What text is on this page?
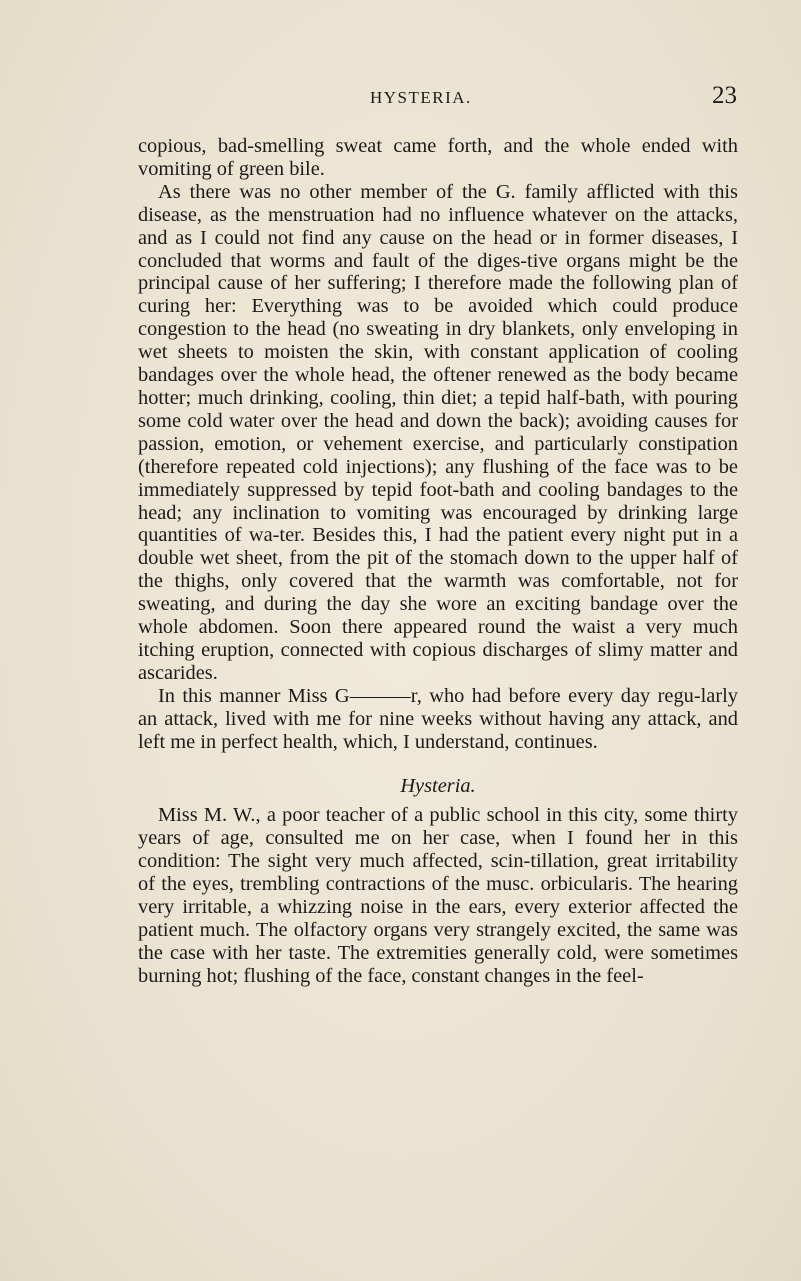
HYSTERIA.	23

copious, bad-smelling sweat came forth, and the whole ended with vomiting of green bile.

As there was no other member of the G. family afflicted with this disease, as the menstruation had no influence whatever on the attacks, and as I could not find any cause on the head or in former diseases, I concluded that worms and fault of the diges-tive organs might be the principal cause of her suffering; I therefore made the following plan of curing her: Everything was to be avoided which could produce congestion to the head (no sweating in dry blankets, only enveloping in wet sheets to moisten the skin, with constant application of cooling bandages over the whole head, the oftener renewed as the body became hotter; much drinking, cooling, thin diet; a tepid half-bath, with pouring some cold water over the head and down the back); avoiding causes for passion, emotion, or vehement exercise, and particularly constipation (therefore repeated cold injections); any flushing of the face was to be immediately suppressed by tepid foot-bath and cooling bandages to the head; any inclination to vomiting was encouraged by drinking large quantities of wa-ter. Besides this, I had the patient every night put in a double wet sheet, from the pit of the stomach down to the upper half of the thighs, only covered that the warmth was comfortable, not for sweating, and during the day she wore an exciting bandage over the whole abdomen. Soon there appeared round the waist a very much itching eruption, connected with copious discharges of slimy matter and ascarides.

In this manner Miss G———r, who had before every day regu-larly an attack, lived with me for nine weeks without having any attack, and left me in perfect health, which, I understand, continues.

Hysteria.

Miss M. W., a poor teacher of a public school in this city, some thirty years of age, consulted me on her case, when I found her in this condition: The sight very much affected, scin-tillation, great irritability of the eyes, trembling contractions of the musc. orbicularis. The hearing very irritable, a whizzing noise in the ears, every exterior affected the patient much. The olfactory organs very strangely excited, the same was the case with her taste. The extremities generally cold, were sometimes burning hot; flushing of the face, constant changes in the feel-
